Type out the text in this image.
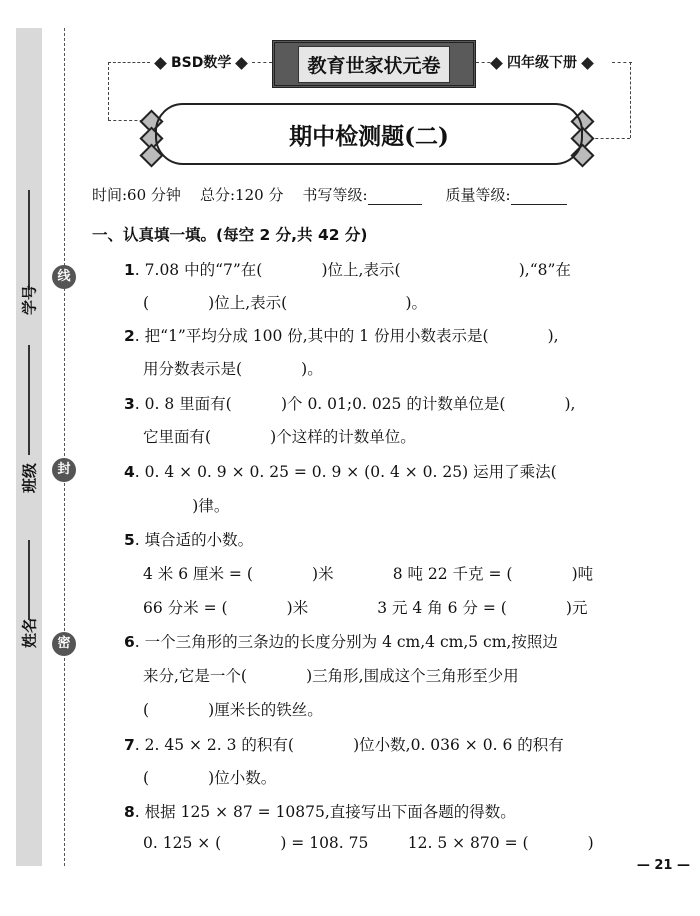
学号
班级
姓名
线
封
密
BSD数学	教育世家状元卷	四年级下册
期中检测题(二)
时间:60 分钟 总分:120 分 书写等级:	质量等级:
一、认真填一填。(每空 2 分,共 42 分)
1. 7.08 中的“7”在(            )位上,表示(                        ),“8”在
(            )位上,表示(                        )。
2. 把“1”平均分成 100 份,其中的 1 份用小数表示是(            ),
用分数表示是(            )。
3. 0. 8 里面有(          )个 0. 01;0. 025 的计数单位是(            ),
它里面有(            )个这样的计数单位。
4. 0. 4 × 0. 9 × 0. 25 = 0. 9 × (0. 4 × 0. 25) 运用了乘法(
)律。
5. 填合适的小数。
4 米 6 厘米 = (            )米            8 吨 22 千克 = (            )吨
66 分米 = (            )米              3 元 4 角 6 分 = (            )元
6. 一个三角形的三条边的长度分别为 4 cm,4 cm,5 cm,按照边
来分,它是一个(            )三角形,围成这个三角形至少用
(            )厘米长的铁丝。
7. 2. 45 × 2. 3 的积有(            )位小数,0. 036 × 0. 6 的积有
(            )位小数。
8. 根据 125 × 87 = 10875,直接写出下面各题的得数。
0. 125 × (            ) = 108. 75        12. 5 × 870 = (            )
— 21 —
